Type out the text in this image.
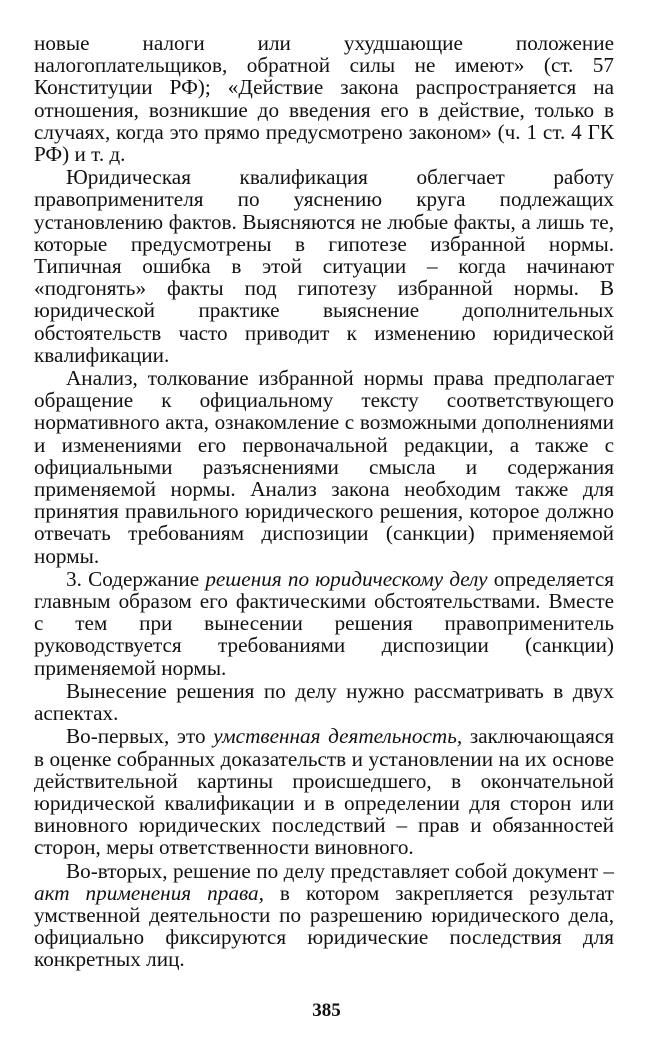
новые налоги или ухудшающие положение налогоплательщиков, обратной силы не имеют» (ст. 57 Конституции РФ); «Действие закона распространяется на отношения, возникшие до введения его в действие, только в случаях, когда это прямо предусмотрено законом» (ч. 1 ст. 4 ГК РФ) и т. д.

Юридическая квалификация облегчает работу правоприменителя по уяснению круга подлежащих установлению фактов. Выясняются не любые факты, а лишь те, которые предусмотрены в гипотезе избранной нормы. Типичная ошибка в этой ситуации – когда начинают «подгонять» факты под гипотезу избранной нормы. В юридической практике выяснение дополнительных обстоятельств часто приводит к изменению юридической квалификации.

Анализ, толкование избранной нормы права предполагает обращение к официальному тексту соответствующего нормативного акта, ознакомление с возможными дополнениями и изменениями его первоначальной редакции, а также с официальными разъяснениями смысла и содержания применяемой нормы. Анализ закона необходим также для принятия правильного юридического решения, которое должно отвечать требованиям диспозиции (санкции) применяемой нормы.

3. Содержание решения по юридическому делу определяется главным образом его фактическими обстоятельствами. Вместе с тем при вынесении решения правоприменитель руководствуется требованиями диспозиции (санкции) применяемой нормы.

Вынесение решения по делу нужно рассматривать в двух аспектах.

Во-первых, это умственная деятельность, заключающаяся в оценке собранных доказательств и установлении на их основе действительной картины происшедшего, в окончательной юридической квалификации и в определении для сторон или виновного юридических последствий – прав и обязанностей сторон, меры ответственности виновного.

Во-вторых, решение по делу представляет собой документ – акт применения права, в котором закрепляется результат умственной деятельности по разрешению юридического дела, официально фиксируются юридические последствия для конкретных лиц.

385
